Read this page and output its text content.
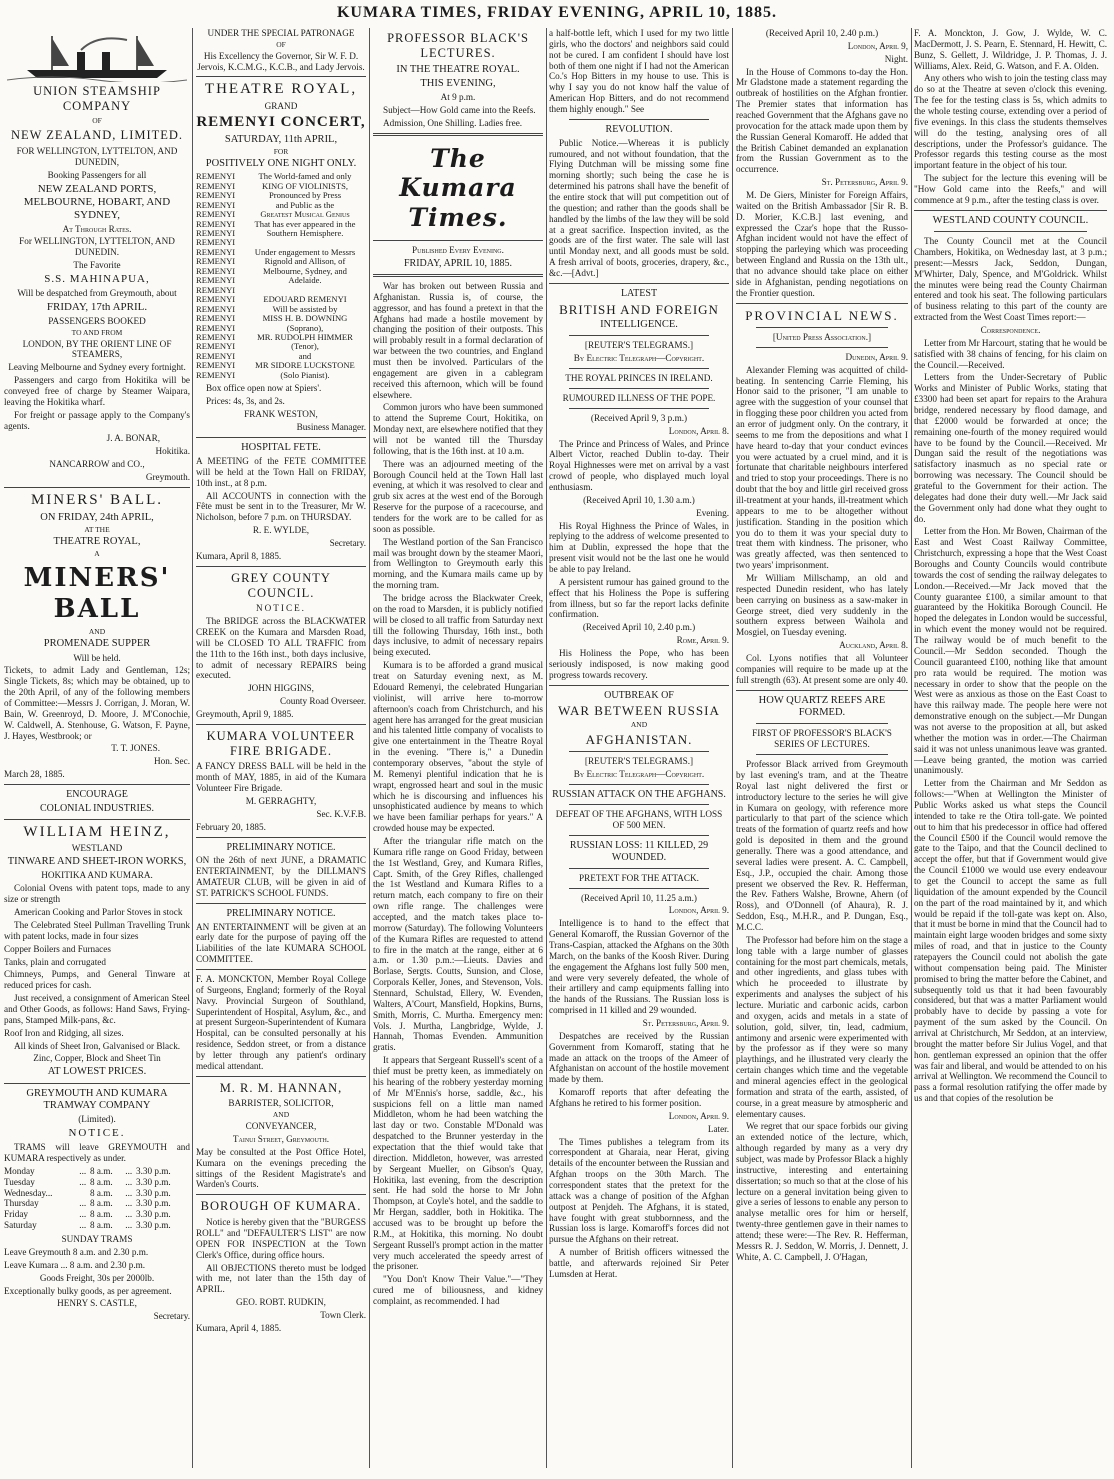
KUMARA TIMES, FRIDAY EVENING, APRIL 10, 1885.
UNION STEAMSHIP COMPANY
OF
NEW ZEALAND, LIMITED.

FOR WELLINGTON, LYTTELTON, AND DUNEDIN,

Booking Passengers for all

NEW ZEALAND PORTS, MELBOURNE, HOBART, AND SYDNEY,

At Through Rates.

For WELLINGTON, LYTTELTON, AND DUNEDIN.

The Favorite

S.S. MAHINAPUA,

Will be despatched from Greymouth, about

FRIDAY, 17th APRIL.

PASSENGERS BOOKED

TO AND FROM

LONDON, BY THE ORIENT LINE OF STEAMERS,

Leaving Melbourne and Sydney every fortnight.

Passengers and cargo from Hokitika will be conveyed free of charge by Steamer Waipara, leaving the Hokitika wharf.

For freight or passage apply to the Company's agents.

J. A. BONAR,

Hokitika.

NANCARROW and CO.,

Greymouth.

MINERS' BALL.

ON FRIDAY, 24th APRIL,

AT THE

THEATRE ROYAL,

A
MINERS' BALL
AND

PROMENADE SUPPER

Will be held.

Tickets, to admit Lady and Gentleman, 12s; Single Tickets, 8s; which may be obtained, up to the 20th April, of any of the following members of Committee:—Messrs J. Corrigan, J. Moran, W. Bain, W. Greenroyd, D. Moore, J. M'Conochie, W. Caldwell, A. Stenhouse, G. Watson, F. Payne, J. Hayes, Westbrook; or

T. T. JONES.

Hon. Sec.

March 28, 1885.

ENCOURAGE

COLONIAL INDUSTRIES.

WILLIAM HEINZ,

WESTLAND

TINWARE AND SHEET-IRON WORKS,

HOKITIKA AND KUMARA.

Colonial Ovens with patent tops, made to any size or strength

American Cooking and Parlor Stoves in stock

The Celebrated Steel Pullman Travelling Trunk with patent locks, made in four sizes

Copper Boilers and Furnaces

Tanks, plain and corrugated

Chimneys, Pumps, and General Tinware at reduced prices for cash.

Just received, a consignment of American Steel and Other Goods, as follows: Hand Saws, Frying-pans, Stamped Milk-pans, &c.

Roof Iron and Ridging, all sizes.

All kinds of Sheet Iron, Galvanised or Black.

Zinc, Copper, Block and Sheet Tin

AT LOWEST PRICES.

GREYMOUTH AND KUMARA TRAMWAY COMPANY

(Limited).

NOTICE.

TRAMS will leave GREYMOUTH and KUMARA respectively as under.

Monday	...	8 a.m.	...	3.30 p.m.
Tuesday	...	8 a.m.	...	3.30 p.m.
Wednesday...		8 a.m.	...	3.30 p.m.
Thursday	...	8 a.m.	...	3.30 p.m.
Friday	...	8 a.m.	...	3.30 p.m.
Saturday	...	8 a.m.	...	3.30 p.m.

SUNDAY TRAMS

Leave Greymouth 8 a.m. and 2.30 p.m.

Leave Kumara ... 8 a.m. and 2.30 p.m.

Goods Freight, 30s per 2000lb.

Exceptionally bulky goods, as per agreement.

HENRY S. CASTLE,

Secretary.

UNDER THE SPECIAL PATRONAGE

OF

His Excellency the Governor, Sir W. F. D. Jervois, K.C.M.G., K.C.B., and Lady Jervois.

THEATRE ROYAL,

GRAND

REMENYI CONCERT,

SATURDAY, 11th APRIL,

FOR

POSITIVELY ONE NIGHT ONLY.

REMENYI	The World-famed and only
REMENYI	KING OF VIOLINISTS,
REMENYI	Pronounced by Press
REMENYI	and Public as the
REMENYI	Greatest Musical Genius
REMENYI	That has ever appeared in the
REMENYI	Southern Hemisphere.
REMENYI
REMENYI	Under engagement to Messrs
REMENYI	Rignold and Allison, of
REMENYI	Melbourne, Sydney, and
REMENYI	Adelaide.
REMENYI
REMENYI	EDOUARD REMENYI
REMENYI	Will be assisted by
REMENYI	MISS H. B. DOWNING
REMENYI	(Soprano),
REMENYI	MR. RUDOLPH HIMMER
REMENYI	(Tenor),
REMENYI	and
REMENYI	MR SIDORE LUCKSTONE
REMENYI	(Solo Pianist).

Box office open now at Spiers'.

Prices: 4s, 3s, and 2s.

FRANK WESTON,

Business Manager.

HOSPITAL FETE.

A MEETING of the FETE COMMITTEE will be held at the Town Hall on FRIDAY, 10th inst., at 8 p.m.

All ACCOUNTS in connection with the Fête must be sent in to the Treasurer, Mr W. Nicholson, before 7 p.m. on THURSDAY.

R. E. WYLDE,

Secretary.

Kumara, April 8, 1885.

GREY COUNTY COUNCIL.

NOTICE.

The BRIDGE across the BLACKWATER CREEK on the Kumara and Marsden Road, will be CLOSED TO ALL TRAFFIC from the 11th to the 16th inst., both days inclusive, to admit of necessary REPAIRS being executed.

JOHN HIGGINS,

County Road Overseer.

Greymouth, April 9, 1885.

KUMARA VOLUNTEER FIRE BRIGADE.

A FANCY DRESS BALL will be held in the month of MAY, 1885, in aid of the Kumara Volunteer Fire Brigade.

M. GERRAGHTY,

Sec. K.V.F.B.

February 20, 1885.

PRELIMINARY NOTICE.

ON the 26th of next JUNE, a DRAMATIC ENTERTAINMENT, by the DILLMAN'S AMATEUR CLUB, will be given in aid of ST. PATRICK'S SCHOOL FUNDS.

PRELIMINARY NOTICE.

AN ENTERTAINMENT will be given at an early date for the purpose of paying off the Liabilities of the late KUMARA SCHOOL COMMITTEE.

F. A. MONCKTON, Member Royal College of Surgeons, England; formerly of the Royal Navy. Provincial Surgeon of Southland, Superintendent of Hospital, Asylum, &c., and at present Surgeon-Superintendent of Kumara Hospital, can be consulted personally at his residence, Seddon street, or from a distance by letter through any patient's ordinary medical attendant.

M. R. M. HANNAN,

BARRISTER, SOLICITOR,

AND

CONVEYANCER,

Tainui Street, Greymouth.

May be consulted at the Post Office Hotel, Kumara on the evenings preceding the sittings of the Resident Magistrate's and Warden's Courts.

BOROUGH OF KUMARA.

Notice is hereby given that the "BURGESS ROLL" and "DEFAULTER'S LIST" are now OPEN FOR INSPECTION at the Town Clerk's Office, during office hours.

All OBJECTIONS thereto must be lodged with me, not later than the 15th day of APRIL.

GEO. ROBT. RUDKIN,

Town Clerk.

Kumara, April 4, 1885.

PROFESSOR BLACK'S LECTURES.

IN THE THEATRE ROYAL.

THIS EVENING,

At 9 p.m.

Subject—How Gold came into the Reefs.

Admission, One Shilling. Ladies free.

The Kumara Times.

Published Every Evening.

FRIDAY, APRIL 10, 1885.

War has broken out between Russia and Afghanistan. Russia is, of course, the aggressor, and has found a pretext in that the Afghans had made a hostile movement by changing the position of their outposts. This will probably result in a formal declaration of war between the two countries, and England must then be involved. Particulars of the engagement are given in a cablegram received this afternoon, which will be found elsewhere.

Common jurors who have been summoned to attend the Supreme Court, Hokitika, on Monday next, are elsewhere notified that they will not be wanted till the Thursday following, that is the 16th inst. at 10 a.m.

There was an adjourned meeting of the Borough Council held at the Town Hall last evening, at which it was resolved to clear and grub six acres at the west end of the Borough Reserve for the purpose of a racecourse, and tenders for the work are to be called for as soon as possible.

The Westland portion of the San Francisco mail was brought down by the steamer Maori, from Wellington to Greymouth early this morning, and the Kumara mails came up by the morning tram.

The bridge across the Blackwater Creek, on the road to Marsden, it is publicly notified will be closed to all traffic from Saturday next till the following Thursday, 16th inst., both days inclusive, to admit of necessary repairs being executed.

Kumara is to be afforded a grand musical treat on Saturday evening next, as M. Edouard Remenyi, the celebrated Hungarian violinist, will arrive here to-morrow afternoon's coach from Christchurch, and his agent here has arranged for the great musician and his talented little company of vocalists to give one entertainment in the Theatre Royal in the evening. "There is," a Dunedin contemporary observes, "about the style of M. Remenyi plentiful indication that he is wrapt, engrossed heart and soul in the music which he is discoursing and influences his unsophisticated audience by means to which we have been familiar perhaps for years." A crowded house may be expected.

After the triangular rifle match on the Kumara rifle range on Good Friday, between the 1st Westland, Grey, and Kumara Rifles, Capt. Smith, of the Grey Rifles, challenged the 1st Westland and Kumara Rifles to a return match, each company to fire on their own rifle range. The challenges were accepted, and the match takes place to-morrow (Saturday). The following Volunteers of the Kumara Rifles are requested to attend to fire in the match at the range, either at 6 a.m. or 1.30 p.m.:—Lieuts. Davies and Borlase, Sergts. Coutts, Sunsion, and Close, Corporals Keller, Jones, and Stevenson, Vols. Stennard, Schulstad, Ellery, W. Evenden, Walters, A'Court, Mansfield, Hopkins, Burns, Smith, Morris, C. Murtha. Emergency men: Vols. J. Murtha, Langbridge, Wylde, J. Hannah, Thomas Evenden. Ammunition gratis.

It appears that Sergeant Russell's scent of a thief must be pretty keen, as immediately on his hearing of the robbery yesterday morning of Mr M'Ennis's horse, saddle, &c., his suspicions fell on a little man named Middleton, whom he had been watching the last day or two. Constable M'Donald was despatched to the Brunner yesterday in the expectation that the thief would take that direction. Middleton, however, was arrested by Sergeant Mueller, on Gibson's Quay, Hokitika, last evening, from the description sent. He had sold the horse to Mr John Thompson, at Coyle's hotel, and the saddle to Mr Hergan, saddler, both in Hokitika. The accused was to be brought up before the R.M., at Hokitika, this morning. No doubt Sergeant Russell's prompt action in the matter very much accelerated the speedy arrest of the prisoner.

"You Don't Know Their Value."—"They cured me of biliousness, and kidney complaint, as recommended. I had

a half-bottle left, which I used for my two little girls, who the doctors' and neighbors said could not be cured. I am confident I should have lost both of them one night if I had not the American Co.'s Hop Bitters in my house to use. This is why I say you do not know half the value of American Hop Bitters, and do not recommend them highly enough." See

REVOLUTION.

Public Notice.—Whereas it is publicly rumoured, and not without foundation, that the Flying Dutchman will be missing some fine morning shortly; such being the case he is determined his patrons shall have the benefit of the entire stock that will put competition out of the question; and rather than the goods shall be handled by the limbs of the law they will be sold at a great sacrifice. Inspection invited, as the goods are of the first water. The sale will last until Monday next, and all goods must be sold. A fresh arrival of boots, groceries, drapery, &c., &c.—[Advt.]

LATEST

BRITISH AND FOREIGN

INTELLIGENCE.

[REUTER'S TELEGRAMS.]

By Electric Telegraph—Copyright.

THE ROYAL PRINCES IN IRELAND.

RUMOURED ILLNESS OF THE POPE.

(Received April 9, 3 p.m.)

London, April 8.

The Prince and Princess of Wales, and Prince Albert Victor, reached Dublin to-day. Their Royal Highnesses were met on arrival by a vast crowd of people, who displayed much loyal enthusiasm.

(Received April 10, 1.30 a.m.)

Evening.

His Royal Highness the Prince of Wales, in replying to the address of welcome presented to him at Dublin, expressed the hope that the present visit would not be the last one he would be able to pay Ireland.

A persistent rumour has gained ground to the effect that his Holiness the Pope is suffering from illness, but so far the report lacks definite confirmation.

(Received April 10, 2.40 p.m.)

Rome, April 9.

His Holiness the Pope, who has been seriously indisposed, is now making good progress towards recovery.

OUTBREAK OF

WAR BETWEEN RUSSIA
AND
AFGHANISTAN.

[REUTER'S TELEGRAMS.]

By Electric Telegraph—Copyright.

RUSSIAN ATTACK ON THE AFGHANS.

DEFEAT OF THE AFGHANS, WITH LOSS OF 500 MEN.

RUSSIAN LOSS: 11 KILLED, 29 WOUNDED.

PRETEXT FOR THE ATTACK.

(Received April 10, 11.25 a.m.)

London, April 9.

Intelligence is to hand to the effect that General Komaroff, the Russian Governor of the Trans-Caspian, attacked the Afghans on the 30th March, on the banks of the Koosh River. During the engagement the Afghans lost fully 500 men, and were very severely defeated, the whole of their artillery and camp equipments falling into the hands of the Russians. The Russian loss is comprised in 11 killed and 29 wounded.

St. Petersburg, April 9.

Despatches are received by the Russian Government from Komaroff, stating that he made an attack on the troops of the Ameer of Afghanistan on account of the hostile movement made by them.

Komaroff reports that after defeating the Afghans he retired to his former position.

London, April 9.

Later.

The Times publishes a telegram from its correspondent at Gharaia, near Herat, giving details of the encounter between the Russian and Afghan troops on the 30th March. The correspondent states that the pretext for the attack was a change of position of the Afghan outpost at Penjdeh. The Afghans, it is stated, have fought with great stubbornness, and the Russian loss is large. Komaroff's forces did not pursue the Afghans on their retreat.

A number of British officers witnessed the battle, and afterwards rejoined Sir Peter Lumsden at Herat.

(Received April 10, 2.40 p.m.)

London, April 9,

Night.

In the House of Commons to-day the Hon. Mr Gladstone made a statement regarding the outbreak of hostilities on the Afghan frontier. The Premier states that information has reached Government that the Afghans gave no provocation for the attack made upon them by the Russian General Komaroff. He added that the British Cabinet demanded an explanation from the Russian Government as to the occurrence.

St. Petersburg, April 9.

M. De Giers, Minister for Foreign Affairs, waited on the British Ambassador [Sir R. B. D. Morier, K.C.B.] last evening, and expressed the Czar's hope that the Russo-Afghan incident would not have the effect of stopping the parleying which was proceeding between England and Russia on the 13th ult., that no advance should take place on either side in Afghanistan, pending negotiations on the Frontier question.

PROVINCIAL NEWS.

[United Press Association.]

Dunedin, April 9.

Alexander Fleming was acquitted of child-beating. In sentencing Carrie Fleming, his Honor said to the prisoner, "I am unable to agree with the suggestion of your counsel that in flogging these poor children you acted from an error of judgment only. On the contrary, it seems to me from the depositions and what I have heard to-day that your conduct evinces you were actuated by a cruel mind, and it is fortunate that charitable neighbours interfered and tried to stop your proceedings. There is no doubt that the boy and little girl received gross ill-treatment at your hands, ill-treatment which appears to me to be altogether without justification. Standing in the position which you do to them it was your special duty to treat them with kindness. The prisoner, who was greatly affected, was then sentenced to two years' imprisonment.

Mr William Millschamp, an old and respected Dunedin resident, who has lately been carrying on business as a saw-maker in George street, died very suddenly in the southern express between Waihola and Mosgiel, on Tuesday evening.

Auckland, April 8.

Col. Lyons notifies that all Volunteer companies will require to be made up at the full strength (63). At present some are only 40.

HOW QUARTZ REEFS ARE FORMED.

FIRST OF PROFESSOR'S BLACK'S SERIES OF LECTURES.

Professor Black arrived from Greymouth by last evening's tram, and at the Theatre Royal last night delivered the first or introductory lecture to the series he will give in Kumara on geology, with reference more particularly to that part of the science which treats of the formation of quartz reefs and how gold is deposited in them and the ground generally. There was a good attendance, and several ladies were present. A. C. Campbell, Esq., J.P., occupied the chair. Among those present we observed the Rev. R. Hefferman, the Rev. Fathers Walshe, Browne, Ahern (of Ross), and O'Donnell (of Ahaura), R. J. Seddon, Esq., M.H.R., and P. Dungan, Esq., M.C.C.

The Professor had before him on the stage a long table with a large number of glasses containing for the most part chemicals, metals, and other ingredients, and glass tubes with which he proceeded to illustrate by experiments and analyses the subject of his lecture. Muriatic and carbonic acids, carbon and oxygen, acids and metals in a state of solution, gold, silver, tin, lead, cadmium, antimony and arsenic were experimented with by the professor as if they were so many playthings, and he illustrated very clearly the certain changes which time and the vegetable and mineral agencies effect in the geological formation and strata of the earth, assisted, of course, in a great measure by atmospheric and elementary causes.

We regret that our space forbids our giving an extended notice of the lecture, which, although regarded by many as a very dry subject, was made by Professor Black a highly instructive, interesting and entertaining dissertation; so much so that at the close of his lecture on a general invitation being given to give a series of lessons to enable any person to analyse metallic ores for him or herself, twenty-three gentlemen gave in their names to attend; these were:—The Rev. R. Hefferman, Messrs R. J. Seddon, W. Morris, J. Dennett, J. White, A. C. Campbell, J. O'Hagan,

F. A. Monckton, J. Gow, J. Wylde, W. C. MacDermott, J. S. Pearn, E. Stennard, H. Hewitt, C. Bunz, S. Gellett, J. Wildridge, J. P. Thomas, J. J. Williams, Alex. Reid, G. Watson, and F. A. Olden.

Any others who wish to join the testing class may do so at the Theatre at seven o'clock this evening. The fee for the testing class is 5s, which admits to the whole testing course, extending over a period of five evenings. In this class the students themselves will do the testing, analysing ores of all descriptions, under the Professor's guidance. The Professor regards this testing course as the most important feature in the object of his tour.

The subject for the lecture this evening will be "How Gold came into the Reefs," and will commence at 9 p.m., after the testing class is over.

WESTLAND COUNTY COUNCIL.

The County Council met at the Council Chambers, Hokitika, on Wednesday last, at 3 p.m.; present:—Messrs Jack, Seddon, Dungan, M'Whirter, Daly, Spence, and M'Goldrick. Whilst the minutes were being read the County Chairman entered and took his seat. The following particulars of business relating to this part of the county are extracted from the West Coast Times report:—

Correspondence.

Letter from Mr Harcourt, stating that he would be satisfied with 38 chains of fencing, for his claim on the Council.—Received.

Letters from the Under-Secretary of Public Works and Minister of Public Works, stating that £3300 had been set apart for repairs to the Arahura bridge, rendered necessary by flood damage, and that £2000 would be forwarded at once; the remaining one-fourth of the money required would have to be found by the Council.—Received. Mr Dungan said the result of the negotiations was satisfactory inasmuch as no special rate or borrowing was necessary. The Council should be grateful to the Government for their action. The delegates had done their duty well.—Mr Jack said the Government only had done what they ought to do.

Letter from the Hon. Mr Bowen, Chairman of the East and West Coast Railway Committee, Christchurch, expressing a hope that the West Coast Boroughs and County Councils would contribute towards the cost of sending the railway delegates to London.—Received.—Mr Jack moved that the County guarantee £100, a similar amount to that guaranteed by the Hokitika Borough Council. He hoped the delegates in London would be successful, in which event the money would not be required. The railway would be of much benefit to the Council.—Mr Seddon seconded. Though the Council guaranteed £100, nothing like that amount pro rata would be required. The motion was necessary in order to show that the people on the West were as anxious as those on the East Coast to have this railway made. The people here were not demonstrative enough on the subject.—Mr Dungan was not averse to the proposition at all, but asked whether the motion was in order.—The Chairman said it was not unless unanimous leave was granted.—Leave being granted, the motion was carried unanimously.

Letter from the Chairman and Mr Seddon as follows:—"When at Wellington the Minister of Public Works asked us what steps the Council intended to take re the Otira toll-gate. We pointed out to him that his predecessor in office had offered the Council £500 if the Council would remove the gate to the Taipo, and that the Council declined to accept the offer, but that if Government would give the Council £1000 we would use every endeavour to get the Council to accept the same as full liquidation of the amount expended by the Council on the part of the road maintained by it, and which would be repaid if the toll-gate was kept on. Also, that it must be borne in mind that the Council had to maintain eight large wooden bridges and some sixty miles of road, and that in justice to the County ratepayers the Council could not abolish the gate without compensation being paid. The Minister promised to bring the matter before the Cabinet, and subsequently told us that it had been favourably considered, but that was a matter Parliament would probably have to decide by passing a vote for payment of the sum asked by the Council. On arrival at Christchurch, Mr Seddon, at an interview, brought the matter before Sir Julius Vogel, and that hon. gentleman expressed an opinion that the offer was fair and liberal, and would be attended to on his arrival at Wellington. We recommend the Council to pass a formal resolution ratifying the offer made by us and that copies of the resolution be
